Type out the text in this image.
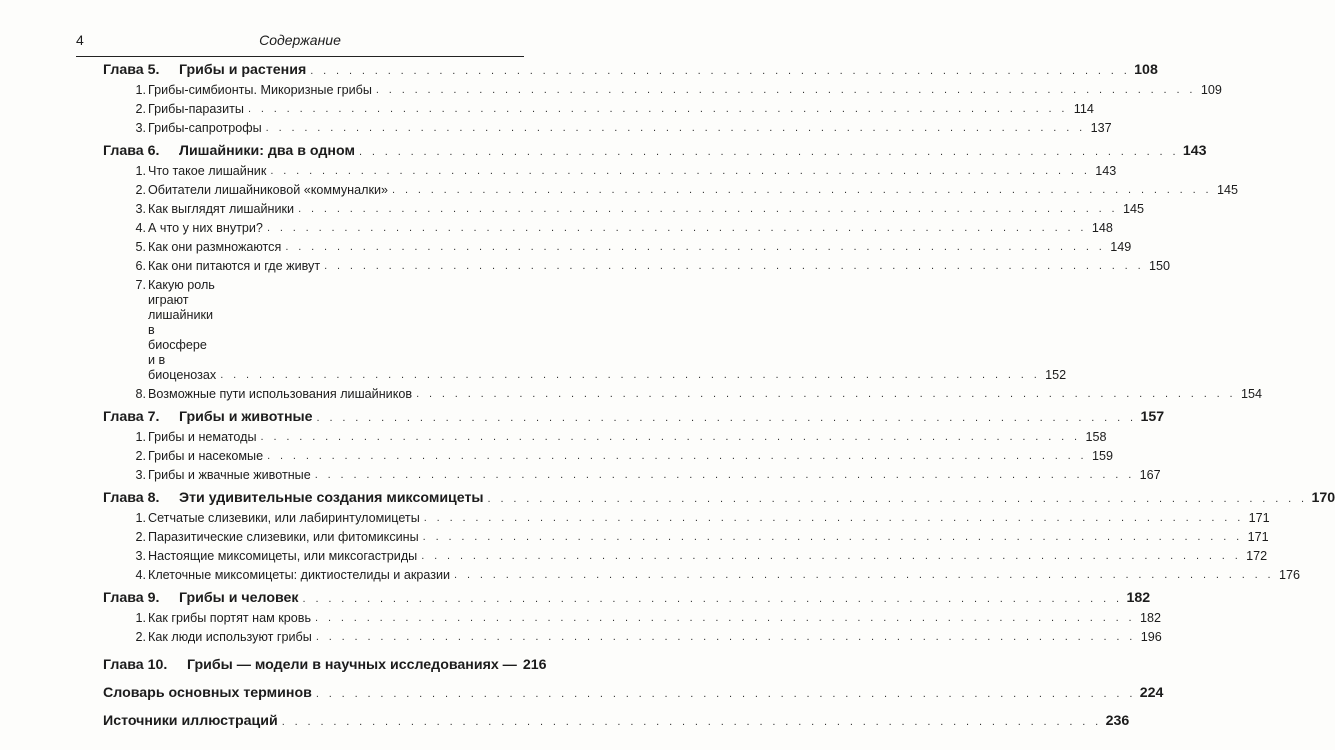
4	Содержание
Глава 5. Грибы и растения . . . . . . . . . . . . . . . . . . . . . . . . . . . . . . . . . . . . . . . . . . . . . . . . . . . . . . . . . . . . . . . . 108
1. Грибы-симбионты. Микоризные грибы . . . . . . . . . . . . . . . . . . . . . . . . . . . . . . . . . . . . . . . . . . . . . . . . . . . . . . . . . . . . . . . . 109
2. Грибы-паразиты . . . . . . . . . . . . . . . . . . . . . . . . . . . . . . . . . . . . . . . . . . . . . . . . . . . . . . . . . . . . . . . . 114
3. Грибы-сапротрофы . . . . . . . . . . . . . . . . . . . . . . . . . . . . . . . . . . . . . . . . . . . . . . . . . . . . . . . . . . . . . . . . 137
Глава 6. Лишайники: два в одном . . . . . . . . . . . . . . . . . . . . . . . . . . . . . . . . . . . . . . . . . . . . . . . . . . . . . . . . . . . . . . . . 143
1. Что такое лишайник . . . . . . . . . . . . . . . . . . . . . . . . . . . . . . . . . . . . . . . . . . . . . . . . . . . . . . . . . . . . . . . . 143
2. Обитатели лишайниковой «коммуналки» . . . . . . . . . . . . . . . . . . . . . . . . . . . . . . . . . . . . . . . . . . . . . . . . . . . . . . . . . . . . . . . . 145
3. Как выглядят лишайники . . . . . . . . . . . . . . . . . . . . . . . . . . . . . . . . . . . . . . . . . . . . . . . . . . . . . . . . . . . . . . . . 145
4. А что у них внутри? . . . . . . . . . . . . . . . . . . . . . . . . . . . . . . . . . . . . . . . . . . . . . . . . . . . . . . . . . . . . . . . . 148
5. Как они размножаются . . . . . . . . . . . . . . . . . . . . . . . . . . . . . . . . . . . . . . . . . . . . . . . . . . . . . . . . . . . . . . . . 149
6. Как они питаются и где живут . . . . . . . . . . . . . . . . . . . . . . . . . . . . . . . . . . . . . . . . . . . . . . . . . . . . . . . . . . . . . . . . 150
7. Какую роль играют лишайники
в биосфере и в биоценозах . . . . . . . . . . . . . . . . . . . . . . . . . . . . . . . . . . . . . . . . . . . . . . . . . . . . . . . . . . . . . . . . 152
8. Возможные пути использования лишайников . . . . . . . . . . . . . . . . . . . . . . . . . . . . . . . . . . . . . . . . . . . . . . . . . . . . . . . . . . . . . . . . 154
Глава 7. Грибы и животные . . . . . . . . . . . . . . . . . . . . . . . . . . . . . . . . . . . . . . . . . . . . . . . . . . . . . . . . . . . . . . . . 157
1. Грибы и нематоды . . . . . . . . . . . . . . . . . . . . . . . . . . . . . . . . . . . . . . . . . . . . . . . . . . . . . . . . . . . . . . . . 158
2. Грибы и насекомые . . . . . . . . . . . . . . . . . . . . . . . . . . . . . . . . . . . . . . . . . . . . . . . . . . . . . . . . . . . . . . . . 159
3. Грибы и жвачные животные . . . . . . . . . . . . . . . . . . . . . . . . . . . . . . . . . . . . . . . . . . . . . . . . . . . . . . . . . . . . . . . . 167
Глава 8. Эти удивительные создания миксомицеты . . . . . . . . . . . . . . . . . . . . . . . . . . . . . . . . . . . . . . . . . . . . . . . . . . . . . . . . . . . . . . . . 170
1. Сетчатые слизевики, или лабиринтуломицеты . . . . . . . . . . . . . . . . . . . . . . . . . . . . . . . . . . . . . . . . . . . . . . . . . . . . . . . . . . . . . . . . 171
2. Паразитические слизевики, или фитомиксины . . . . . . . . . . . . . . . . . . . . . . . . . . . . . . . . . . . . . . . . . . . . . . . . . . . . . . . . . . . . . . . . 171
3. Настоящие миксомицеты, или миксогастриды . . . . . . . . . . . . . . . . . . . . . . . . . . . . . . . . . . . . . . . . . . . . . . . . . . . . . . . . . . . . . . . . 172
4. Клеточные миксомицеты: диктиостелиды и акразии . . . . . . . . . . . . . . . . . . . . . . . . . . . . . . . . . . . . . . . . . . . . . . . . . . . . . . . . . . . . . . . . 176
Глава 9. Грибы и человек . . . . . . . . . . . . . . . . . . . . . . . . . . . . . . . . . . . . . . . . . . . . . . . . . . . . . . . . . . . . . . . . 182
1. Как грибы портят нам кровь . . . . . . . . . . . . . . . . . . . . . . . . . . . . . . . . . . . . . . . . . . . . . . . . . . . . . . . . . . . . . . . . 182
2. Как люди используют грибы . . . . . . . . . . . . . . . . . . . . . . . . . . . . . . . . . . . . . . . . . . . . . . . . . . . . . . . . . . . . . . . . 196
Глава 10. Грибы — модели в научных исследованиях — 216
Словарь основных терминов . . . . . . . . . . . . . . . . . . . . . . . . . . . . . . . . . . . . . . . . . . . . . . . . . . . . . . . . . . . . . . . . 224
Источники иллюстраций . . . . . . . . . . . . . . . . . . . . . . . . . . . . . . . . . . . . . . . . . . . . . . . . . . . . . . . . . . . . . . . . 236
